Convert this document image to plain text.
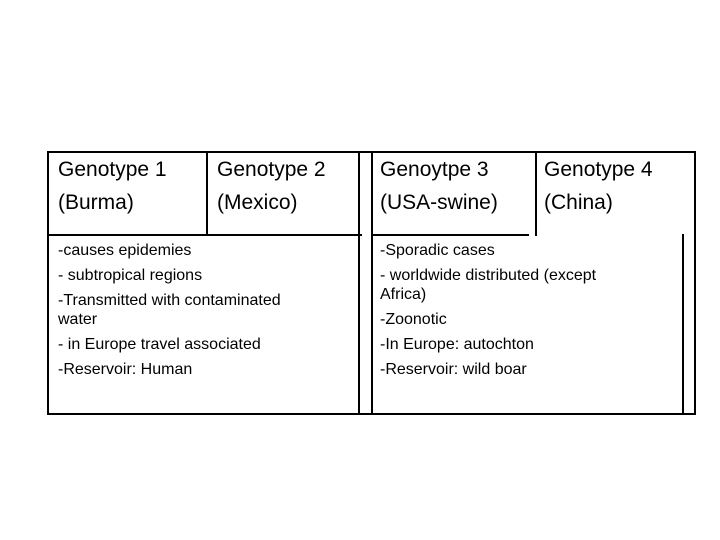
Genotype 1
(Burma)
Genotype 2
(Mexico)
Genoytpe 3
(USA-swine)
Genotype 4
(China)
-causes epidemies
- subtropical regions
-Transmitted with contaminated water
- in Europe travel associated
-Reservoir: Human
-Sporadic cases
- worldwide distributed (except Africa)
-Zoonotic
-In Europe: autochton
-Reservoir: wild boar
